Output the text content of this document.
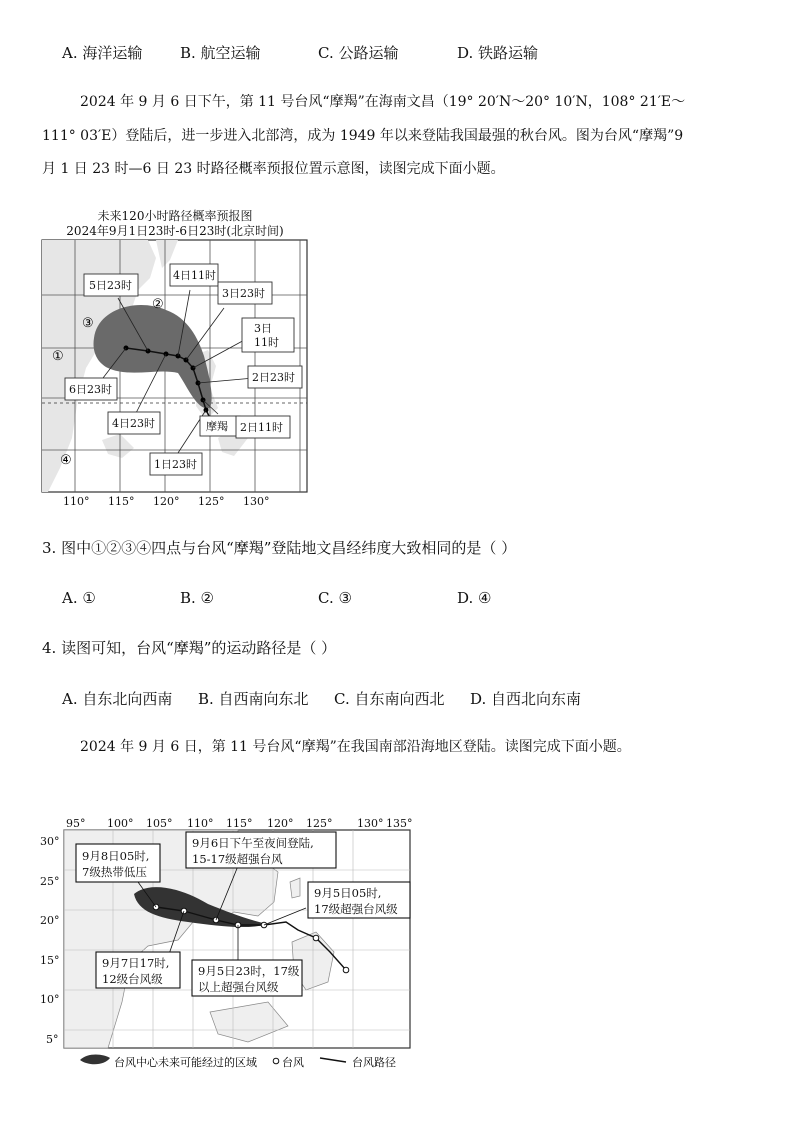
A. 海洋运输	B. 航空运输	C. 公路运输	D. 铁路运输
2024 年 9 月 6 日下午，第 11 号台风“摩羯”在海南文昌（19° 20′N～20° 10′N，108° 21′E～
111° 03′E）登陆后，进一步进入北部湾，成为 1949 年以来登陆我国最强的秋台风。图为台风“摩羯”9
月 1 日 23 时—6 日 23 时路径概率预报位置示意图，读图完成下面小题。
未来120小时路径概率预报图
2024年9月1日23时-6日23时(北京时间)
①
②
③
④
5日23时
4日11时
3日23时
3日
11时
2日23时
6日23时
4日23时	摩羯 2日11时
1日23时
110° 115° 120° 125° 130°
3. 图中①②③④四点与台风“摩羯”登陆地文昌经纬度大致相同的是（ ）
A. ①	B. ②	C. ③	D. ④
4. 读图可知，台风“摩羯”的运动路径是（ ）
A. 自东北向西南 B. 自西南向东北 C. 自东南向西北 D. 自西北向东南
2024 年 9 月 6 日，第 11 号台风“摩羯”在我国南部沿海地区登陆。读图完成下面小题。
95° 100° 105° 110° 115° 120° 125° 130° 135°
30°
25°
20°
15°
10°
5°
9月8日05时,
7级热带低压
9月6日下午至夜间登陆,
15-17级超强台风
9月5日05时,
17级超强台风级
9月7日17时,
12级台风级
9月5日23时，17级
以上超强台风级
台风中心未来可能经过的区域 台风	台风路径
